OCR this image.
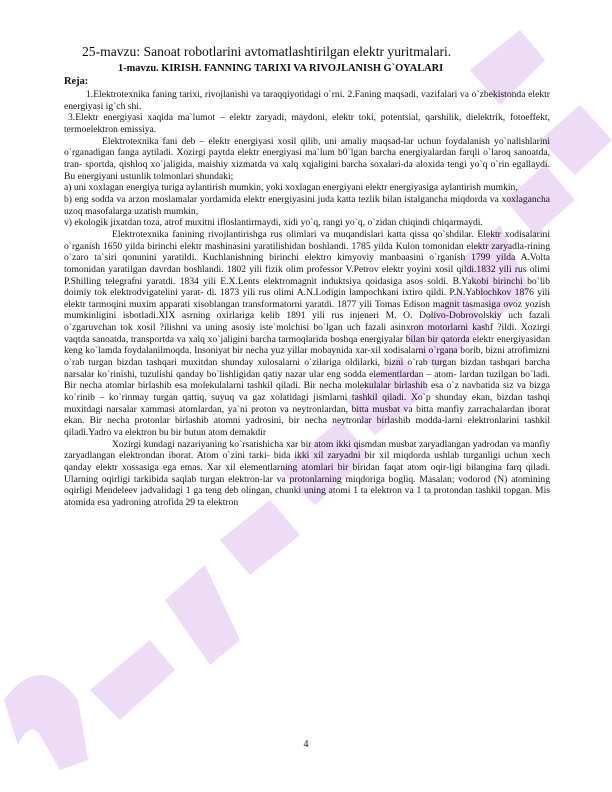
25-mavzu: Sanoat robotlarini avtomatlashtirilgan elektr yuritmalari.
1-mavzu. KIRISH. FANNING TARIXI VA RIVOJLANISH G`OYALARI
Reja:

1.Elektrotexnika faning tarixi, rivojlanishi va taraqqiyotidagi o`rni. 2.Faning maqsadi, vazifalari va o`zbekistonda elektr energiyasi ig`ch shi.

3.Elektr energiyasi xaqida ma`lumot – elektr zaryadi, maydoni, elektr toki, potentsial, qarshilik, dielektrik, fotoeffekt, termoelektron emissiya.

Elektrotexnika fani deb – elektr energiyasi xosil qilib, uni amaliy maqsad-lar uchun foydalanish yo`nalishlarini o`rganadigan fanga aytiladi. Xozirgi paytda elektr energiyasi ma`lum b0`lgan barcha energiyalardan farqli o`laroq sanoatda, tran- sportda, qishloq xo`jaligida, maishiy xizmatda va xalq xqjaligini barcha soxalari-da aloxida tengi yo`q o`rin egallaydi. Bu energiyani ustunlik tolmonlari shundaki;

a) uni xoxlagan energiya turiga aylantirish mumkin, yoki xoxlagan energiyani elektr energiyasiga aylantirish mumkin,

b) eng sodda va arzon moslamalar yordamida elektr energiyasini juda katta tezlik bilan istalgancha miqdorda va xoxlagancha uzoq masofalarga uzatish mumkin,

v) ekologik jixatdan toza, atrof muxitni ifloslantirmaydi, xidi yo`q, rangi yo`q, o`zidan chiqindi chiqarmaydi.

Elektrotexnika fanining rivojlantirishga rus olimlari va muqandislari katta qissa qo`shdilar. Elektr xodisalarini o`rganish 1650 yilda birinchi elektr mashinasini yaratilishidan boshlandi. 1785 yilda Kulon tomonidan elektr zaryadla-rining o`zaro ta`siri qonunini yaratildi. Kuchlanishning birinchi elektro kimyoviy manbaasini o`rganish 1799 yilda A.Volta tomonidan yaratilgan davrdan boshlandi. 1802 yili fizik olim professor V.Petrov elektr yoyini xosil qildi.1832 yili rus olimi P.Shilling telegrafni yaratdi. 1834 yili E.X.Lents elektromagnit induktsiya qoidasiga asos soldi. B.Yakobi birinchi bo`lib doimiy tok elektrodvigatelini yarat- di. 1873 yili rus olimi A.N.Lodigin lampochkani ixtiro qildi. P.N.Yablochkov 1876 yili elektr tarmoqini muxim apparati xisoblangan transformatorni yaratdi. 1877 yili Tomas Edison magnit tasmasiga ovoz yozish mumkinligini isbotladi.XIX asrning oxirlariga kelib 1891 yili rus injeneri M. O. Dolivo-Dobrovolskiy uch fazali o`zgaruvchan tok xosil ?ilishni va uning asosiy iste`molchisi bo`lgan uch fazali asinxron motorlarni kashf ?ildi. Xozirgi vaqtda sanoatda, transportda va xalq xo`jaligini barcha tarmoqlarida boshqa energiyalar bilan bir qatorda elektr energiyasidan keng ko`lamda foydalanilmoqda. Insoniyat bir necha yuz yillar mobaynida xar-xil xodisalarni o`rgana borib, bizni atrofimizni o`rab turgan bizdan tashqari muxitdan shunday xulosalarni o`zilariga oldilarki, bizni o`rab turgan bizdan tashqari barcha narsalar ko`rinishi, tuzulishi qanday bo`lishligidan qatiy nazar ular eng sodda elementlardan – atom- lardan tuzilgan bo`ladi. Bir necha atomlar birlashib esa molekulalarni tashkil qiladi. Bir necha molekulalar birlashib esa o`z navbatida siz va bizga ko`rinib – ko`rinmay turgan qattiq, suyuq va gaz xolatidagi jismlarni tashkil qiladi. Xo`p shunday ekan, bizdan tashqi muxitdagi narsalar xammasi atomlardan, ya`ni proton va neytronlardan, bitta musbat va bitta manfiy zarrachalardan iborat ekan. Bir necha protonlar birlashib atomni yadrosini, bir necha neytronlar birlashib modda-larni elektronlarini tashkil qiladi.Yadro va elektron bu bir butun atom demakdir

Xozirgi kundagi nazariyaning ko`rsatishicha xar bir atom ikki qismdan musbat zaryadlangan yadrodan va manfiy zaryadlangan elektrondan iborat. Atom o`zini tarki- bida ikki xil zaryadni bir xil miqdorda ushlab turganligi uchun xech qanday elektr xossasiga ega emas. Xar xil elementlarning atomlari bir biridan faqat atom oqir-ligi bilangina farq qiladi. Ularning oqirligi tarkibida saqlab turgan elektron-lar va protonlarning miqdoriga bogliq. Masalan; vodorod (N) atomining oqirligi Mendeleev jadvalidagi 1 ga teng deb olingan, chunki uning atomi 1 ta elektron va 1 ta protondan tashkil topgan. Mis atomida esa yadroning atrofida 29 ta elektron

4
